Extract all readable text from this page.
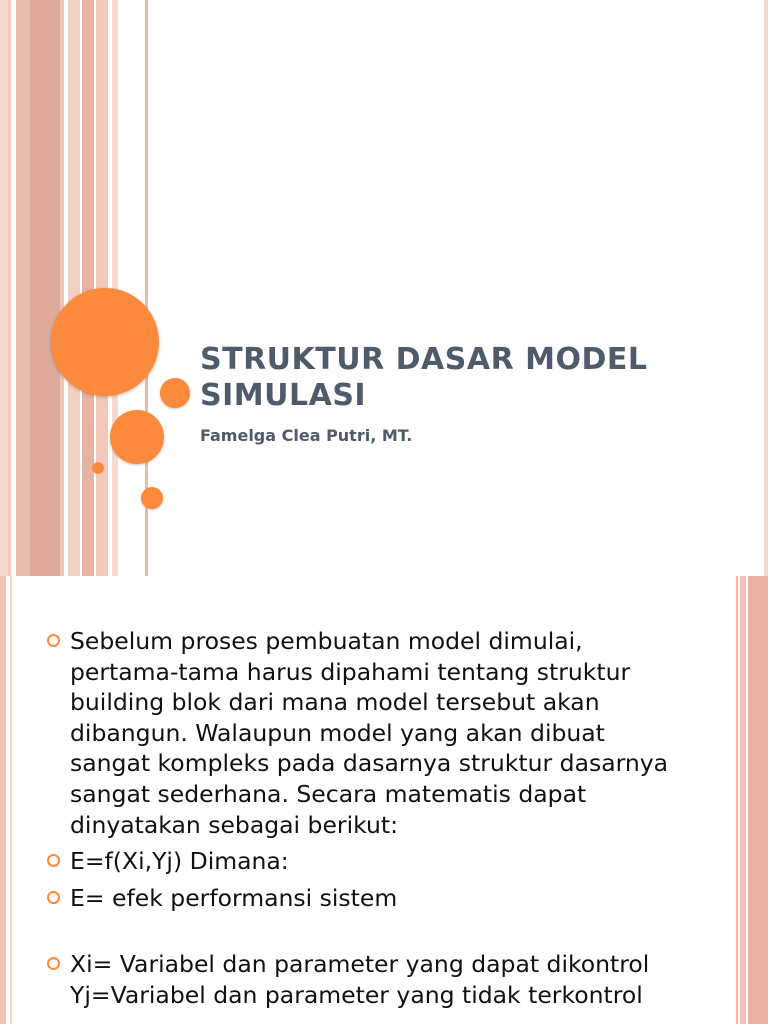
STRUKTUR DASAR MODEL
SIMULASI
Famelga Clea Putri, MT.
Sebelum proses pembuatan model dimulai,
pertama-tama harus dipahami tentang struktur
building blok dari mana model tersebut akan
dibangun. Walaupun model yang akan dibuat
sangat kompleks pada dasarnya struktur dasarnya
sangat sederhana. Secara matematis dapat
dinyatakan sebagai berikut:
E=f(Xi,Yj) Dimana:
E= efek performansi sistem
Xi= Variabel dan parameter yang dapat dikontrol
Yj=Variabel dan parameter yang tidak terkontrol
